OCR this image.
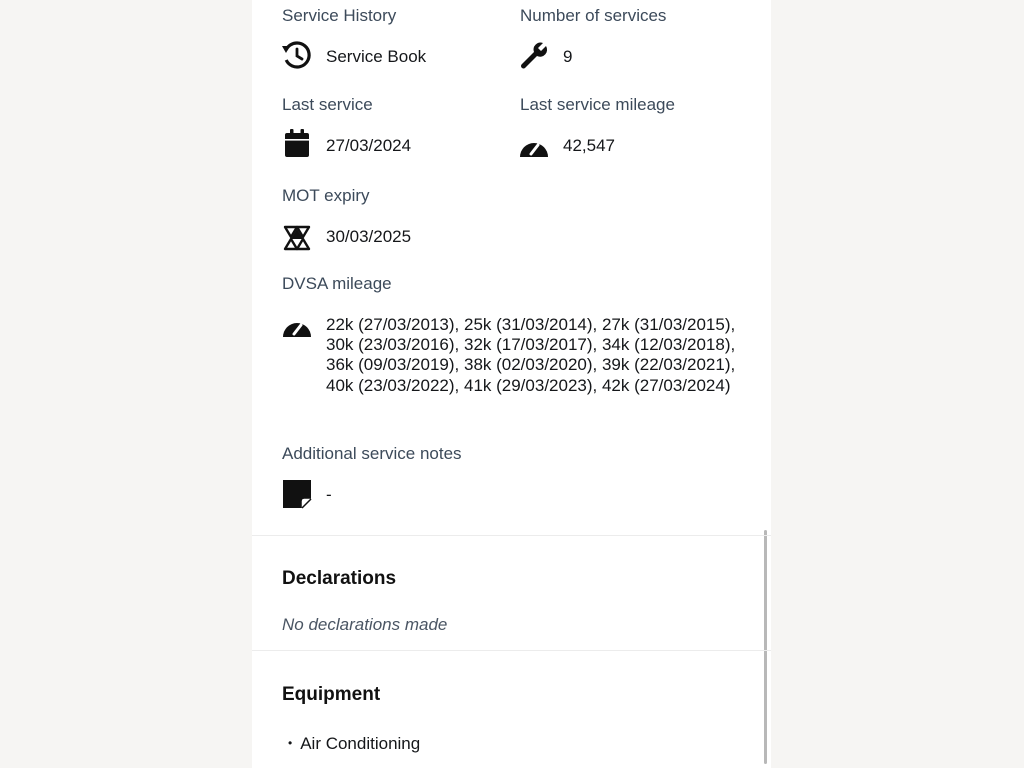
Service History
Service Book
Number of services
9
Last service
27/03/2024
Last service mileage
42,547
MOT expiry
30/03/2025
DVSA mileage
22k (27/03/2013), 25k (31/03/2014), 27k (31/03/2015), 30k (23/03/2016), 32k (17/03/2017), 34k (12/03/2018), 36k (09/03/2019), 38k (02/03/2020), 39k (22/03/2021), 40k (23/03/2022), 41k (29/03/2023), 42k (27/03/2024)
Additional service notes
-
Declarations
No declarations made
Equipment
• Air Conditioning
